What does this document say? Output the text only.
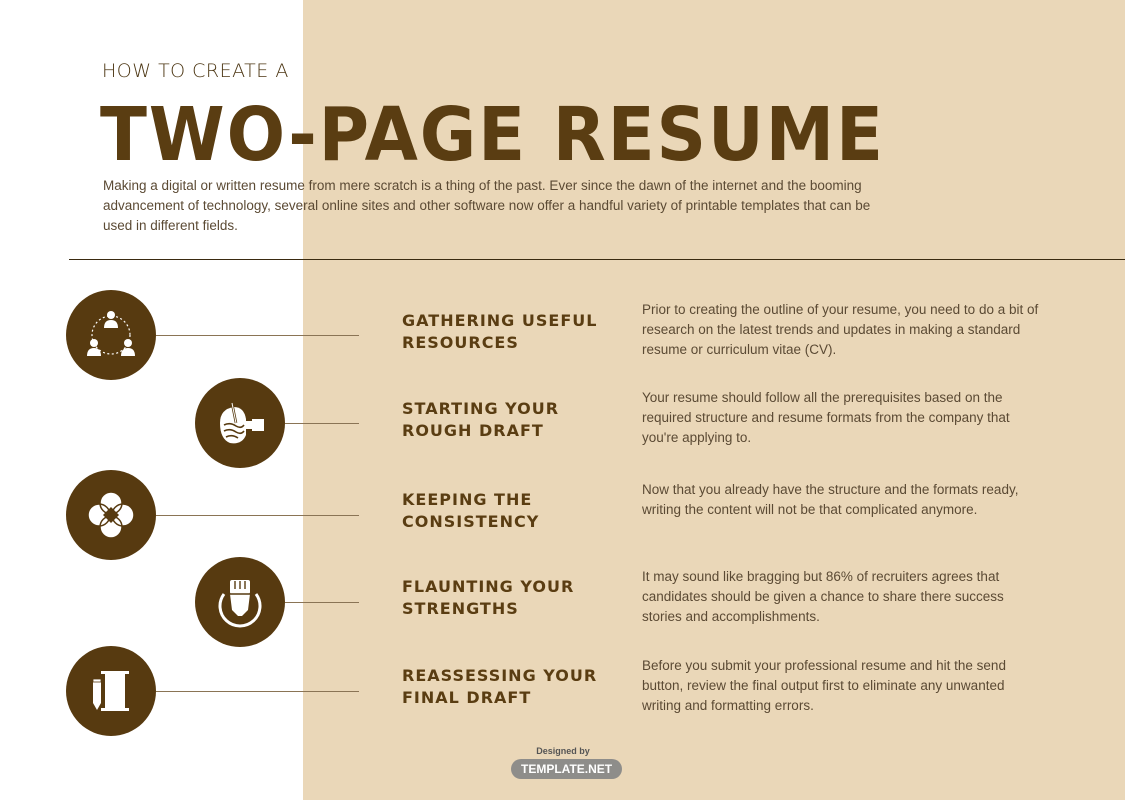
HOW TO CREATE A
TWO-PAGE RESUME
Making a digital or written resume from mere scratch is a thing of the past. Ever since the dawn of the internet and the booming advancement of technology, several online sites and other software now offer a handful variety of printable templates that can be used in different fields.
GATHERING USEFUL
RESOURCES
Prior to creating the outline of your resume, you need to do a bit of research on the latest trends and updates in making a standard resume or curriculum vitae (CV).
STARTING YOUR
ROUGH DRAFT
Your resume should follow all the prerequisites based on the required structure and resume formats from the company that you're applying to.
KEEPING THE
CONSISTENCY
Now that you already have the structure and the formats ready, writing the content will not be that complicated anymore.
FLAUNTING YOUR
STRENGTHS
It may sound like bragging but 86% of recruiters agrees that candidates should be given a chance to share there success stories and accomplishments.
REASSESSING YOUR
FINAL DRAFT
Before you submit your professional resume and hit the send button, review the final output first to eliminate any unwanted writing and formatting errors.
Designed by
TEMPLATE.NET
